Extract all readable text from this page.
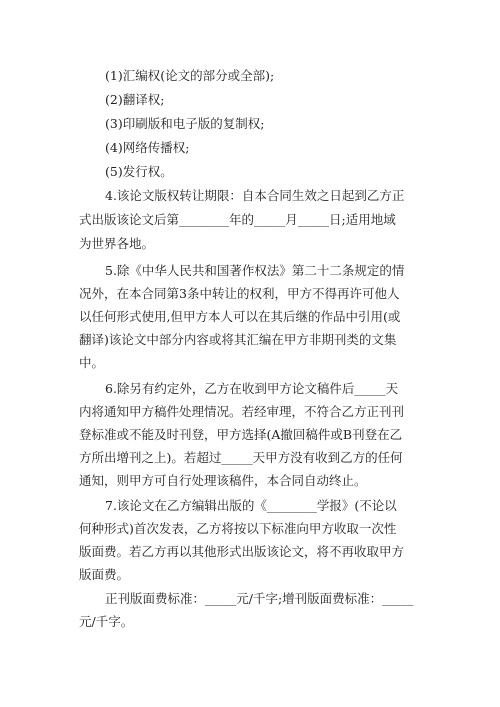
(1)汇编权(论文的部分或全部);
(2)翻译权;
(3)印刷版和电子版的复制权;
(4)网络传播权;
(5)发行权。
4.该论文版权转让期限：自本合同生效之日起到乙方正
式出版该论文后第________年的_____月_____日;适用地域
为世界各地。
5.除《中华人民共和国著作权法》第二十二条规定的情
况外，在本合同第3条中转让的权利，甲方不得再许可他人
以任何形式使用,但甲方本人可以在其后继的作品中引用(或
翻译)该论文中部分内容或将其汇编在甲方非期刊类的文集
中。
6.除另有约定外，乙方在收到甲方论文稿件后_____天
内将通知甲方稿件处理情况。若经审理，不符合乙方正刊刊
登标准或不能及时刊登，甲方选择(A撤回稿件或B刊登在乙
方所出增刊之上)。若超过_____天甲方没有收到乙方的任何
通知，则甲方可自行处理该稿件，本合同自动终止。
7.该论文在乙方编辑出版的《________学报》(不论以
何种形式)首次发表，乙方将按以下标准向甲方收取一次性
版面费。若乙方再以其他形式出版该论文，将不再收取甲方
版面费。
正刊版面费标准：_____元/千字;增刊版面费标准：_____
元/千字。
